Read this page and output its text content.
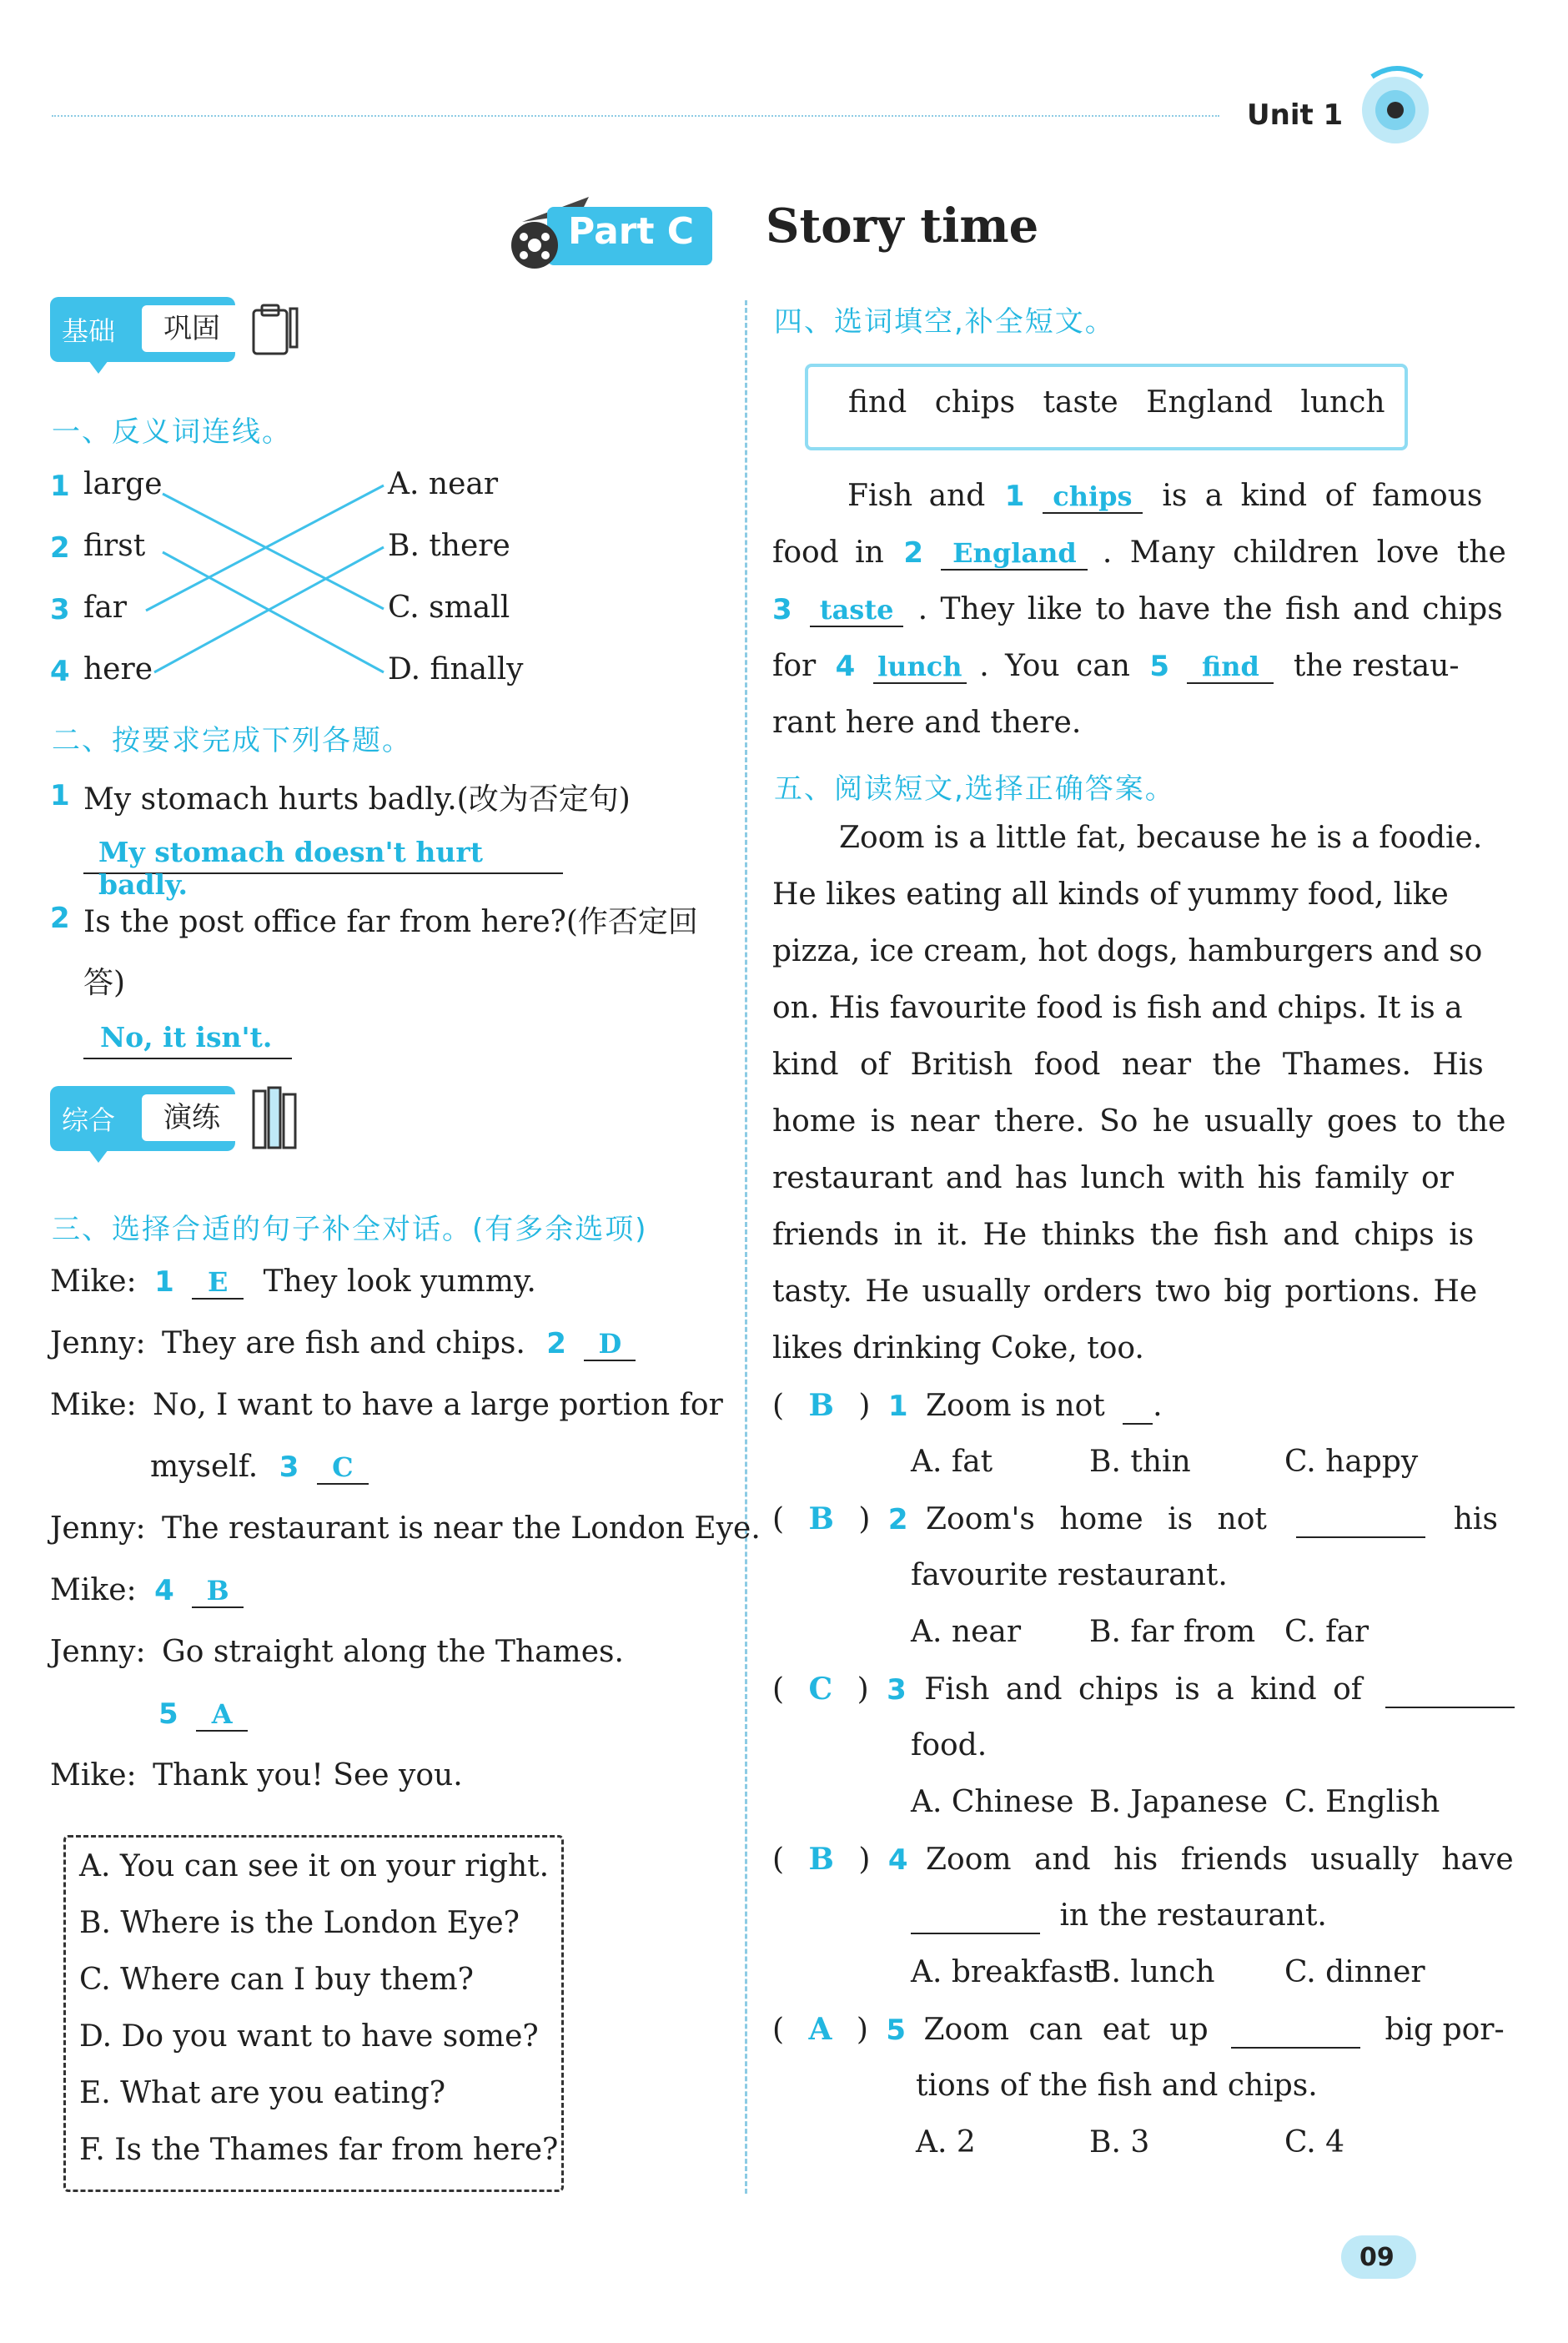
Unit 1
Part C Story time
基础	巩固
一、反义词连线。
1 large
2 first
3 far
4 here
A. near
B. there
C. small
D. finally
二、按要求完成下列各题。
1 My stomach hurts badly.(改为否定句)
My stomach doesn't hurt badly.
2 Is the post office far from here?(作否定回
答)
No, it isn't.
综合	演练
三、选择合适的句子补全对话。(有多余选项)
Mike: 1 E They look yummy.
Jenny: They are fish and chips. 2 D
Mike: No, I want to have a large portion for
myself. 3 C
Jenny: The restaurant is near the London Eye.
Mike: 4 B
Jenny: Go straight along the Thames.
5 A
Mike: Thank you! See you.
A. You can see it on your right.
B. Where is the London Eye?
C. Where can I buy them?
D. Do you want to have some?
E. What are you eating?
F. Is the Thames far from here?
四、选词填空,补全短文。
find chips taste England lunch
Fish and 1 chips is a kind of famous
food in 2 England . Many children love the
3 taste . They like to have the fish and chips
for 4 lunch . You can 5 find the restau-
rant here and there.
五、阅读短文,选择正确答案。
Zoom is a little fat, because he is a foodie.
He likes eating all kinds of yummy food, like
pizza, ice cream, hot dogs, hamburgers and so
on. His favourite food is fish and chips. It is a
kind of British food near the Thames. His
home is near there. So he usually goes to the
restaurant and has lunch with his family or
friends in it. He thinks the fish and chips is
tasty. He usually orders two big portions. He
likes drinking Coke, too.
( B ) 1 Zoom is not .
A. fat	B. thin	C. happy
( B ) 2 Zoom's home is not	his
favourite restaurant.
A. near B. far from C. far
( C ) 3 Fish and chips is a kind of
food.
A. Chinese B. Japanese C. English
( B ) 4 Zoom and his friends usually have
in the restaurant.
A. breakfast
B. lunch C. dinner
( A ) 5 Zoom can eat up	big por-
tions of the fish and chips.
A. 2	B. 3	C. 4
09
